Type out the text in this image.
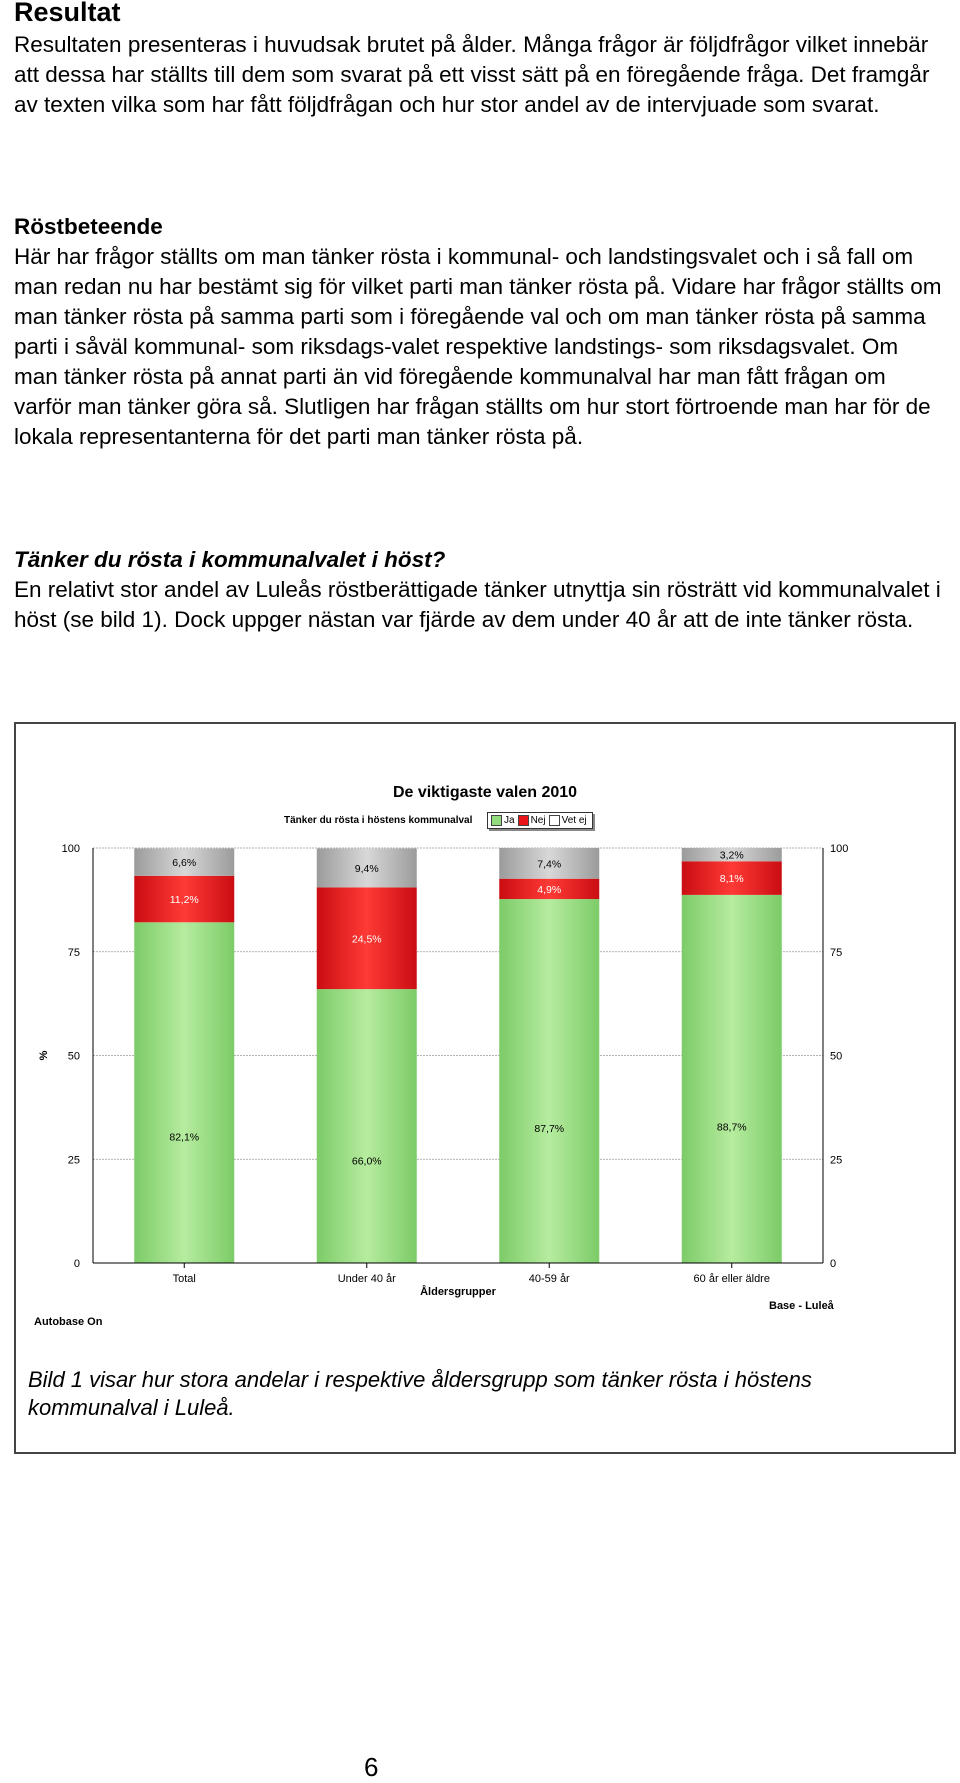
Resultat

Resultaten presenteras i huvudsak brutet på ålder. Många frågor är följdfrågor vilket innebär att dessa har ställts till dem som svarat på ett visst sätt på en föregående fråga. Det framgår av texten vilka som har fått följdfrågan och hur stor andel av de intervjuade som svarat.

Röstbeteende

Här har frågor ställts om man tänker rösta i kommunal- och landstingsvalet och i så fall om man redan nu har bestämt sig för vilket parti man tänker rösta på. Vidare har frågor ställts om man tänker rösta på samma parti som i föregående val och om man tänker rösta på samma parti i såväl kommunal- som riksdags-valet respektive landstings- som riksdagsvalet. Om man tänker rösta på annat parti än vid föregående kommunalval har man fått frågan om varför man tänker göra så. Slutligen har frågan ställts om hur stort förtroende man har för de lokala representanterna för det parti man tänker rösta på.

Tänker du rösta i kommunalvalet i höst?

En relativt stor andel av Luleås röstberättigade tänker utnyttja sin rösträtt vid kommunalvalet i höst (se bild 1). Dock uppger nästan var fjärde av dem under 40 år att de inte tänker rösta.

De viktigaste valen 2010
Tänker du rösta i höstens kommunalval	Ja Nej Vet ej
82,1%
11,2%
6,6%
66,0%
24,5%
9,4%
87,7%
4,9%
7,4%
88,7%
8,1%
3,2%
0	0
25	25
50	50
75	75
100	100
%
Total	Under 40 år	40-59 år	60 år eller äldre
Åldersgrupper
Autobase On
Base - Luleå
Bild 1 visar hur stora andelar i respektive åldersgrupp som tänker rösta i höstens kommunalval i Luleå.
6
